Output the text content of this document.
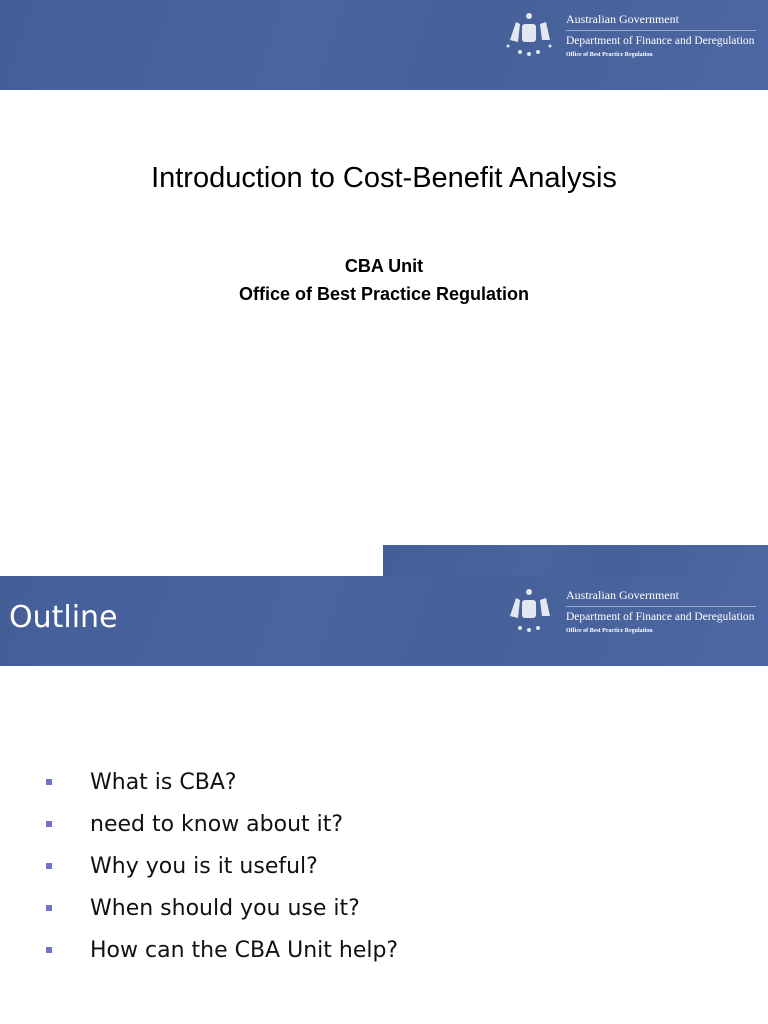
Australian Government
Department of Finance and Deregulation
Office of Best Practice Regulation
Introduction to Cost-Benefit Analysis
CBA Unit
Office of Best Practice Regulation
Outline
Australian Government
Department of Finance and Deregulation
Office of Best Practice Regulation
What is CBA?
need to know about it?
Why you is it useful?
When should you use it?
How can the CBA Unit help?
